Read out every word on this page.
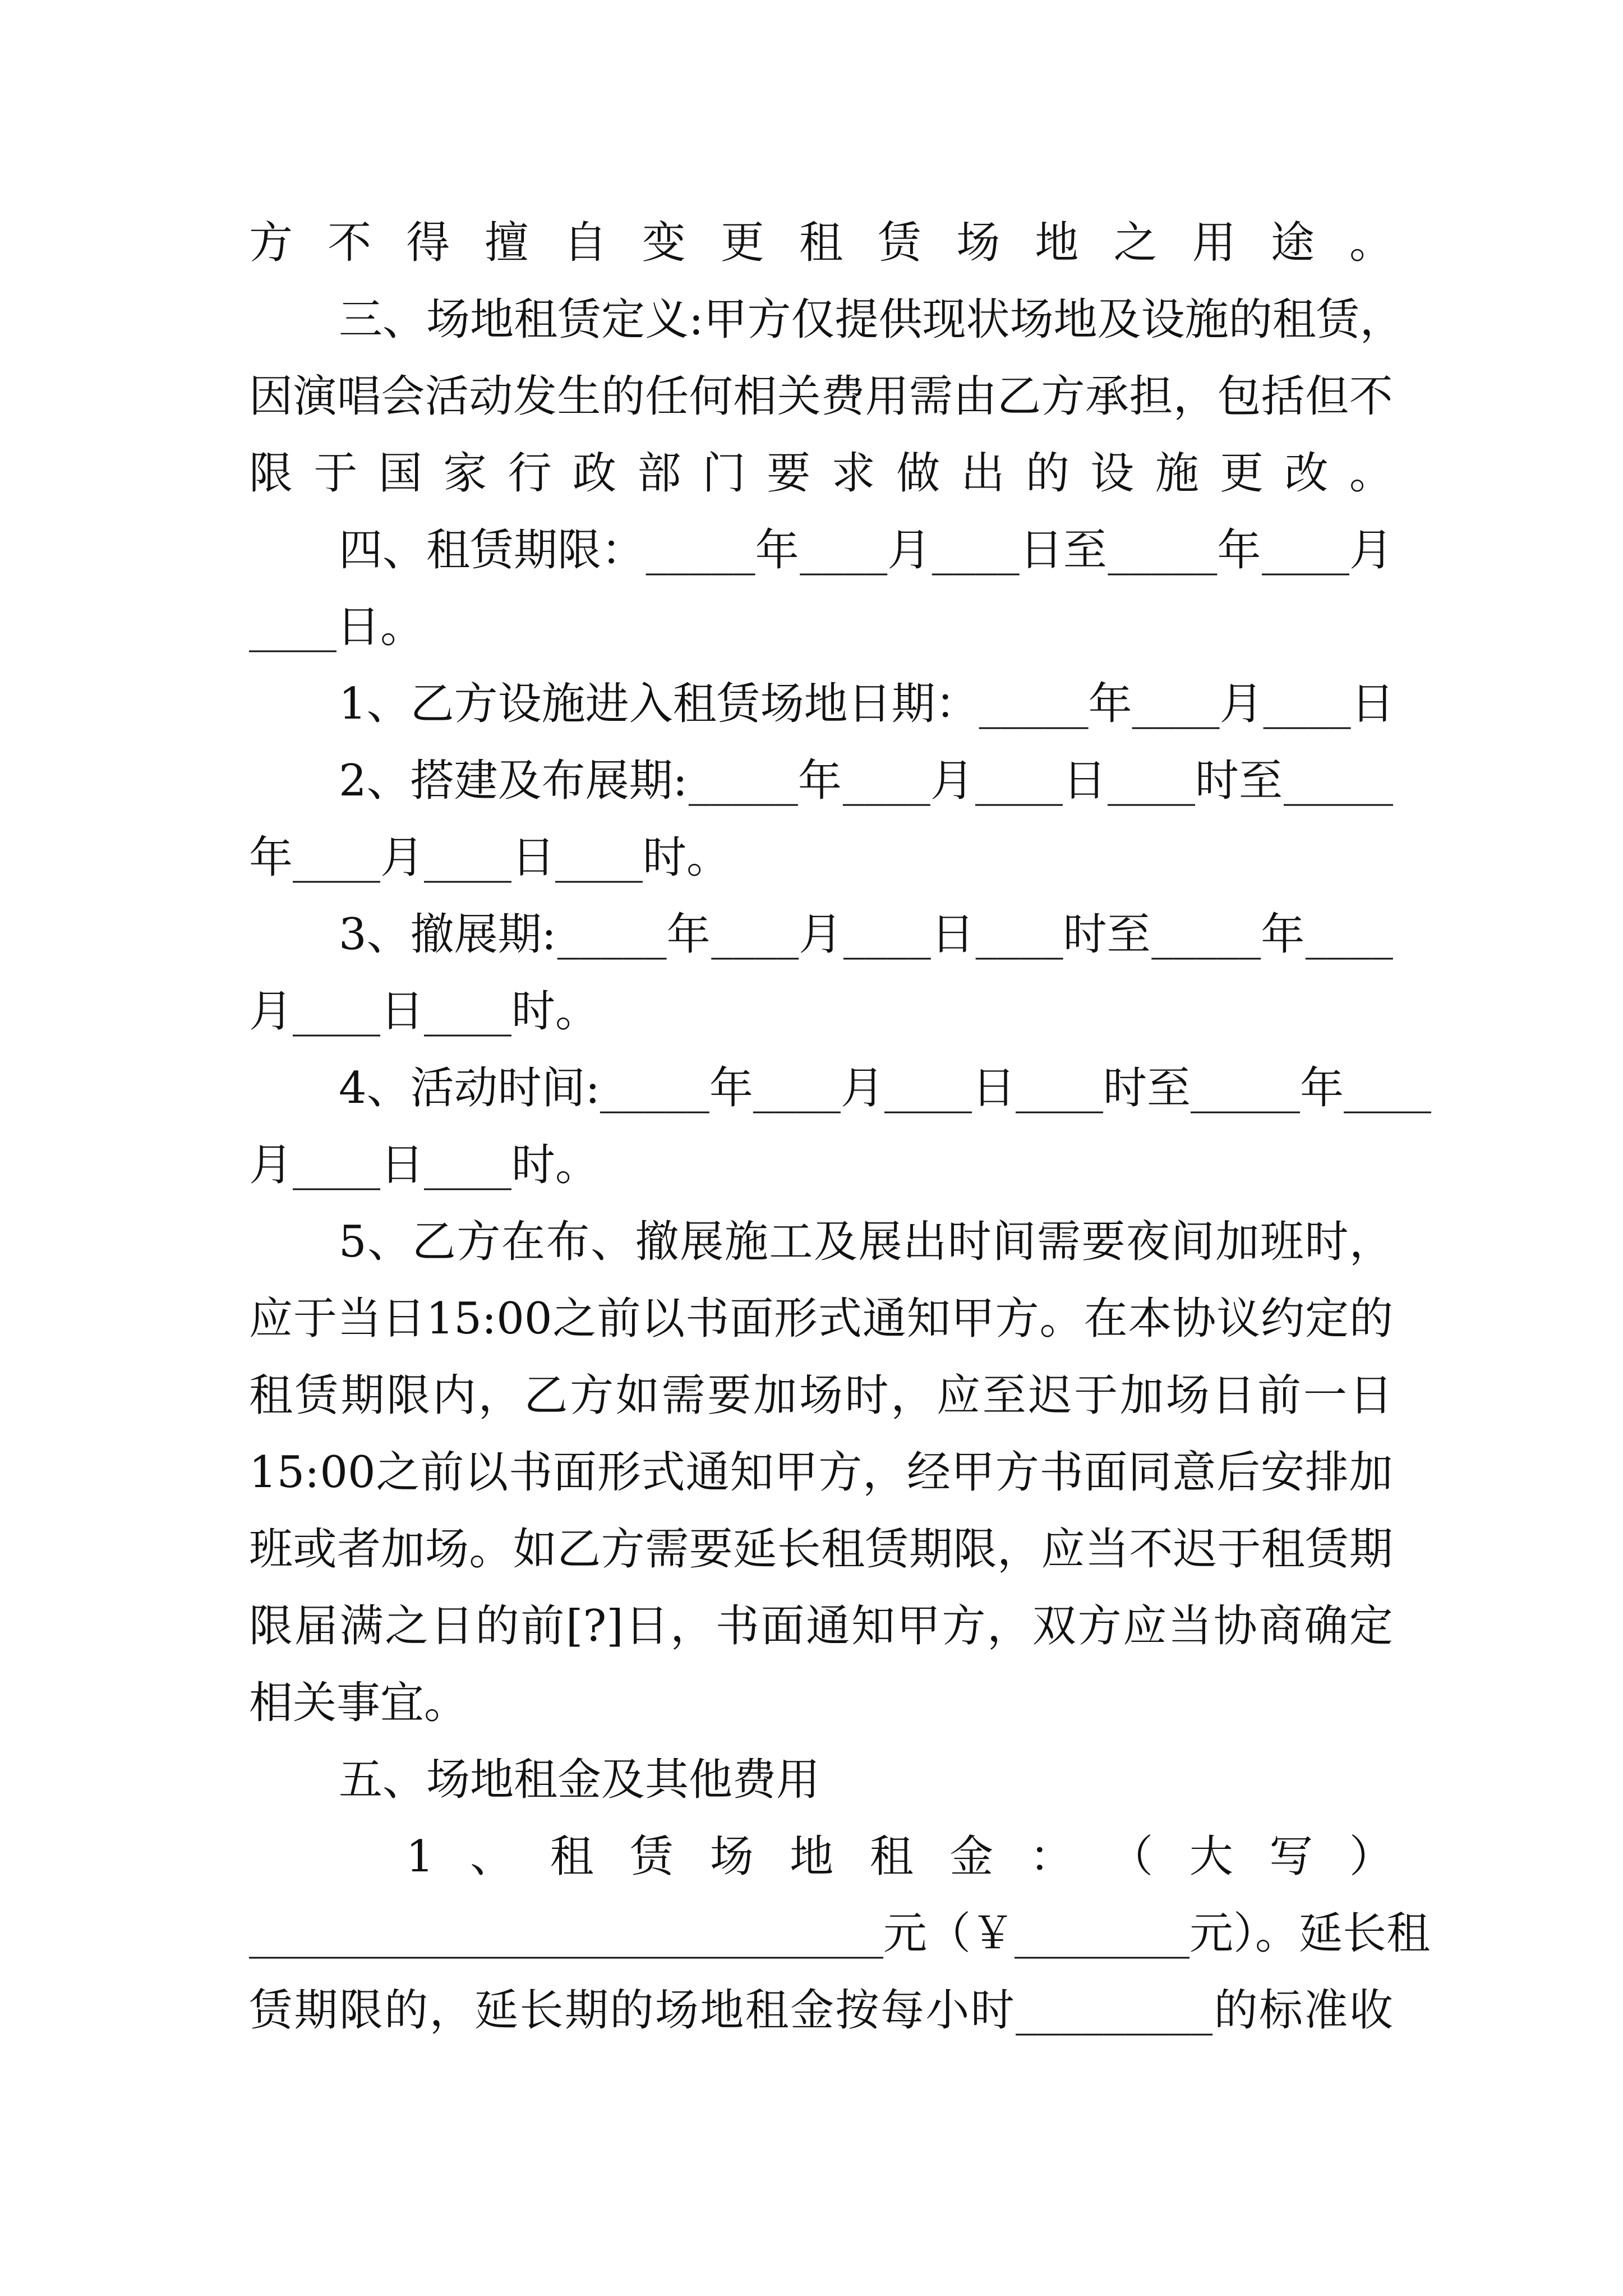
方 不 得 擅 自 变 更 租 赁 场 地 之 用 途 。
三 、 场 地 租 赁 定 义 : 甲 方 仅 提 供 现 状 场 地 及 设 施 的 租 赁 ，
因 演 唱 会 活 动 发 生 的 任 何 相 关 费 用 需 由 乙 方 承 担 ， 包 括 但 不
限 于 国 家 行 政 部 门 要 求 做 出 的 设 施 更 改 。
四、租赁期限： _____年 ____月 ____日至 _____年 ____月
____日。
1、乙方设施进入租赁场地日期： _____年 ____月 ____日
2、搭建及布展期: _____年 ____月 ____日 ____时至 _____
年____月____日____时。
3、撤展期: _____年 ____月 ____日 ____时至 _____年 ____
月____日____时。
4、活动时间: _____年 ____月 ____日 ____时至 _____年 ____
月____日____时。
5 、 乙 方 在 布 、 撤 展 施 工 及 展 出 时 间 需 要 夜 间 加 班 时 ，
应 于 当 日 15:00 之 前 以 书 面 形 式 通 知 甲 方 。 在 本 协 议 约 定 的
租 赁 期 限 内 ， 乙 方 如 需 要 加 场 时 ， 应 至 迟 于 加 场 日 前 一 日
15: 00 之 前 以 书 面 形 式 通 知 甲 方 ， 经 甲 方 书 面 同 意 后 安 排 加
班 或 者 加 场 。 如 乙 方 需 要 延 长 租 赁 期 限 ， 应 当 不 迟 于 租 赁 期
限 届 满 之 日 的 前 [?] 日 ， 书 面 通 知 甲 方 ， 双 方 应 当 协 商 确 定
相关事宜。
五、场地租金及其他费用
1 、 租 赁 场 地 租 金 ： （ 大 写 ）
_____________________________元（￥________元）。延长租
赁 期 限 的 ， 延 长 期 的 场 地 租 金 按 每 小 时 _________ 的 标 准 收
